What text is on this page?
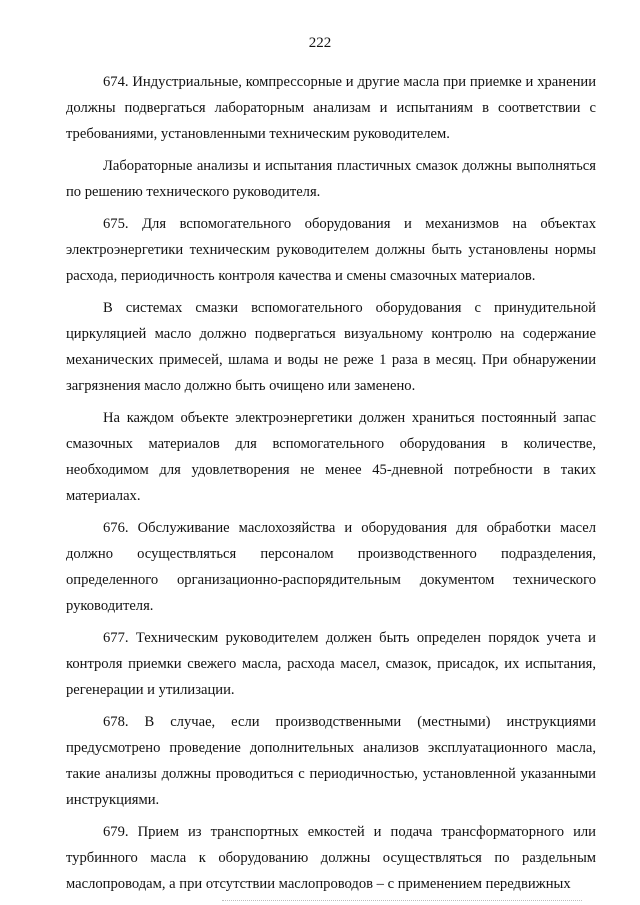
222

674. Индустриальные, компрессорные и другие масла при приемке и хранении должны подвергаться лабораторным анализам и испытаниям в соответствии с требованиями, установленными техническим руководителем.

Лабораторные анализы и испытания пластичных смазок должны выполняться по решению технического руководителя.

675. Для вспомогательного оборудования и механизмов на объектах электроэнергетики техническим руководителем должны быть установлены нормы расхода, периодичность контроля качества и смены смазочных материалов.

В системах смазки вспомогательного оборудования с принудительной циркуляцией масло должно подвергаться визуальному контролю на содержание механических примесей, шлама и воды не реже 1 раза в месяц. При обнаружении загрязнения масло должно быть очищено или заменено.

На каждом объекте электроэнергетики должен храниться постоянный запас смазочных материалов для вспомогательного оборудования в количестве, необходимом для удовлетворения не менее 45-дневной потребности в таких материалах.

676. Обслуживание маслохозяйства и оборудования для обработки масел должно осуществляться персоналом производственного подразделения, определенного организационно-распорядительным документом технического руководителя.

677. Техническим руководителем должен быть определен порядок учета и контроля приемки свежего масла, расхода масел, смазок, присадок, их испытания, регенерации и утилизации.

678. В случае, если производственными (местными) инструкциями предусмотрено проведение дополнительных анализов эксплуатационного масла, такие анализы должны проводиться с периодичностью, установленной указанными инструкциями.

679. Прием из транспортных емкостей и подача трансформаторного или турбинного масла к оборудованию должны осуществляться по раздельным маслопроводам, а при отсутствии маслопроводов – с применением передвижных
